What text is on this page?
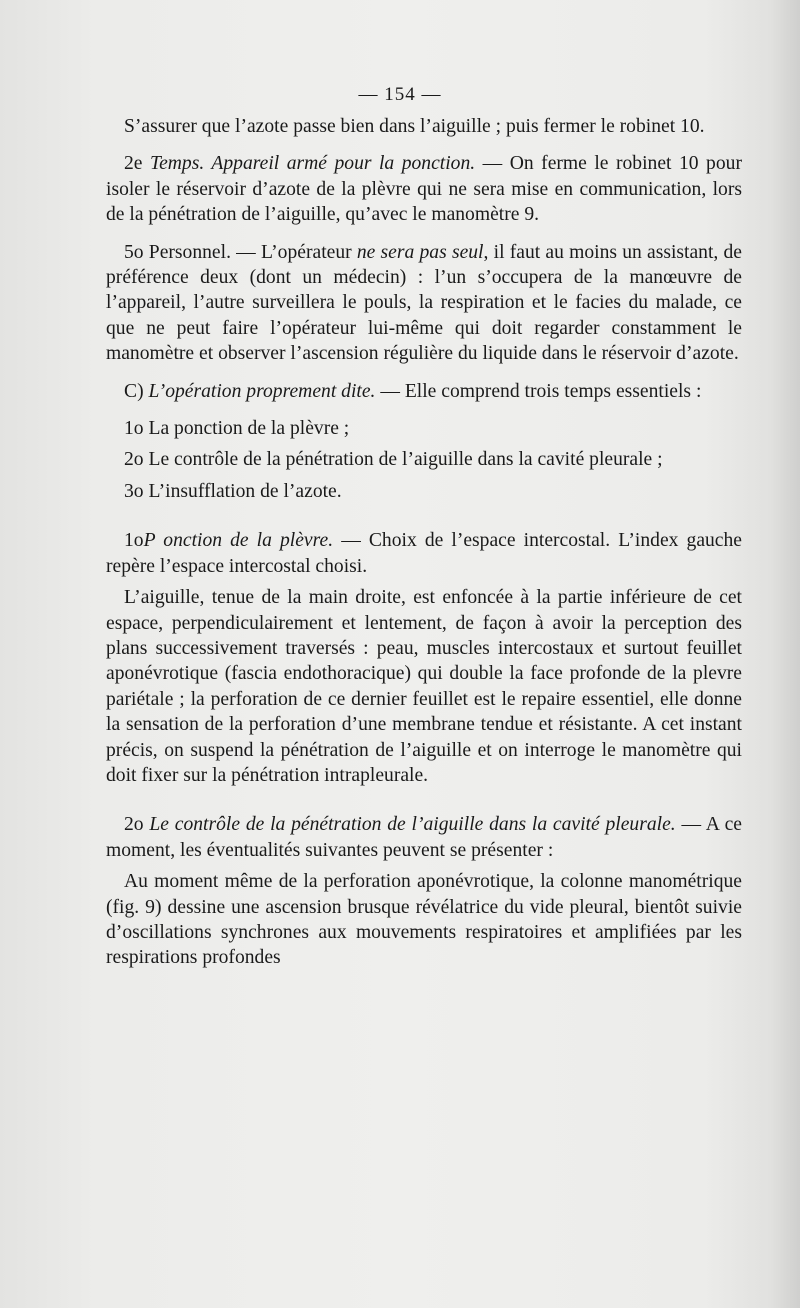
— 154 —

S’assurer que l’azote passe bien dans l’aiguille ; puis fermer le robinet 10.

2e Temps. Appareil armé pour la ponction. — On ferme le robinet 10 pour isoler le réservoir d’azote de la plèvre qui ne sera mise en communication, lors de la pénétration de l’aiguille, qu’avec le manomètre 9.

5o Personnel. — L’opérateur ne sera pas seul, il faut au moins un assistant, de préférence deux (dont un médecin) : l’un s’occupera de la manœuvre de l’appareil, l’autre surveillera le pouls, la respiration et le facies du malade, ce que ne peut faire l’opérateur lui-même qui doit regarder constamment le manomètre et observer l’ascension régulière du liquide dans le réservoir d’azote.

C) L’opération proprement dite. — Elle comprend trois temps essentiels :

1o La ponction de la plèvre ;

2o Le contrôle de la pénétration de l’aiguille dans la cavité pleurale ;

3o L’insufflation de l’azote.

1oP onction de la plèvre. — Choix de l’espace intercostal. L’index gauche repère l’espace intercostal choisi.

L’aiguille, tenue de la main droite, est enfoncée à la partie inférieure de cet espace, perpendiculairement et lentement, de façon à avoir la perception des plans successivement traversés : peau, muscles intercostaux et surtout feuillet aponévrotique (fascia endothoracique) qui double la face profonde de la plevre pariétale ; la perforation de ce dernier feuillet est le repaire essentiel, elle donne la sensation de la perforation d’une membrane tendue et résistante. A cet instant précis, on suspend la pénétration de l’aiguille et on interroge le manomètre qui doit fixer sur la pénétration intrapleurale.

2o Le contrôle de la pénétration de l’aiguille dans la cavité pleurale. — A ce moment, les éventualités suivantes peuvent se présenter :

Au moment même de la perforation aponévrotique, la colonne manométrique (fig. 9) dessine une ascension brusque révélatrice du vide pleural, bientôt suivie d’oscillations synchrones aux mouvements respiratoires et amplifiées par les respirations profondes
